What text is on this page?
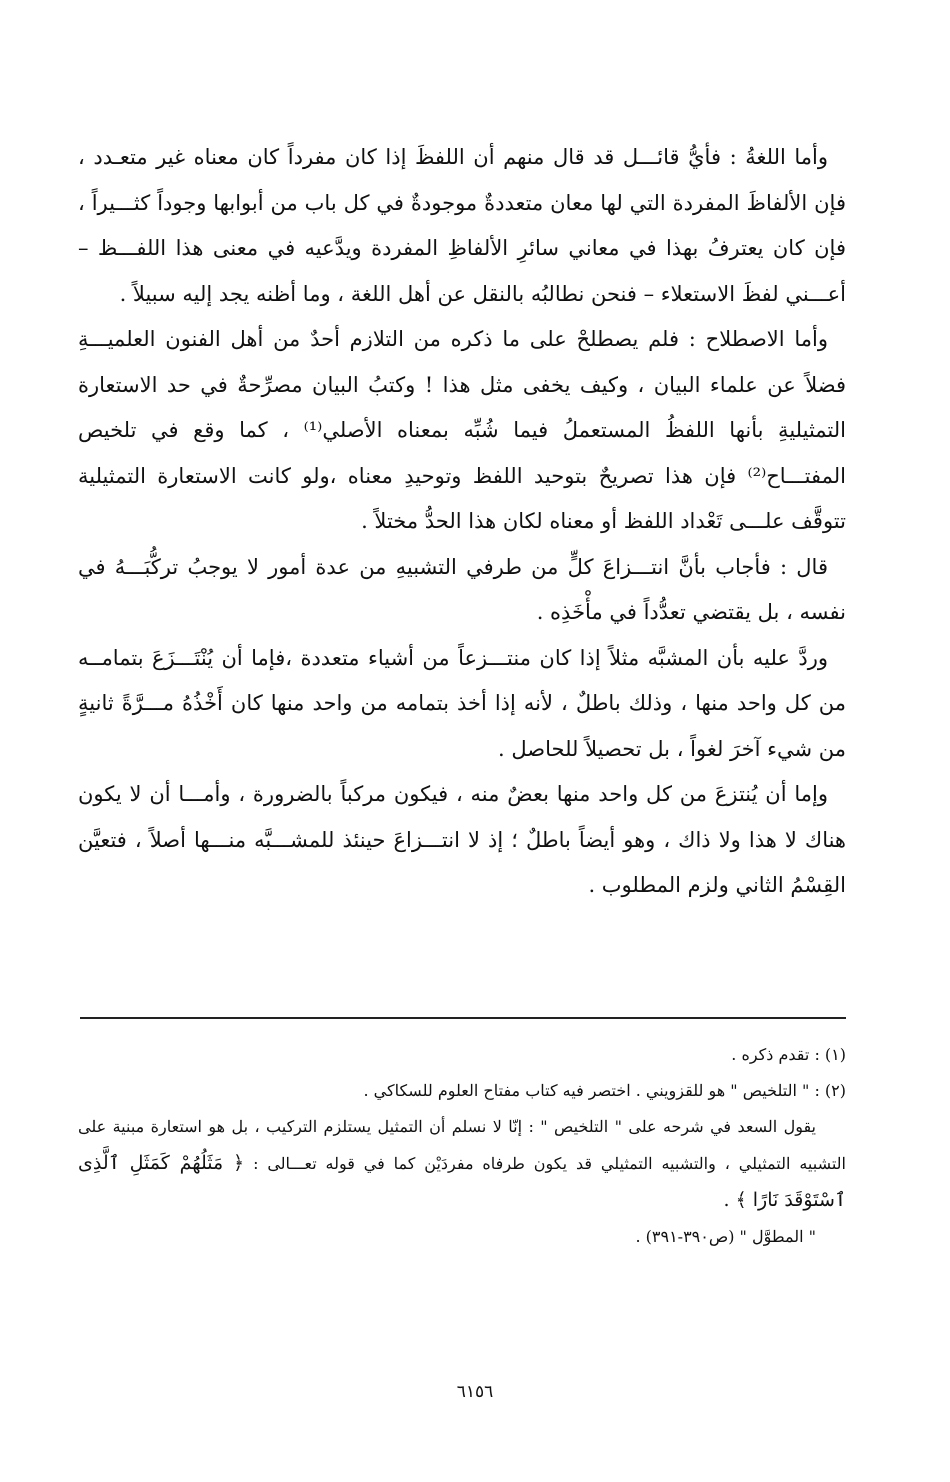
وأما اللغةُ : فأيُّ قائـــل قد قال منهم أن اللفظَ إذا كان مفرداً كان معناه غير متعـدد ، فإن الألفاظَ المفردة التي لها معان متعددةٌ موجودةٌ في كل باب من أبوابها وجوداً كثـــيراً ، فإن كان يعترفُ بهذا في معاني سائرِ الألفاظِ المفردة ويدَّعيه في معنى هذا اللفـــظ – أعـــني لفظَ الاستعلاء – فنحن نطالبُه بالنقل عن أهل اللغة ، وما أظنه يجد إليه سبيلاً .

وأما الاصطلاح : فلم يصطلحْ على ما ذكره من التلازم أحدٌ من أهل الفنون العلميـــةِ فضلاً عن علماء البيان ، وكيف يخفى مثل هذا ! وكتبُ البيان مصرِّحةٌ في حد الاستعارة التمثيليةِ بأنها اللفظُ المستعملُ فيما شُبِّه بمعناه الأصلي⁽¹⁾ ، كما وقع في تلخيص المفتـــاح⁽²⁾ فإن هذا تصريحٌ بتوحيد اللفظ وتوحيدِ معناه ،ولو كانت الاستعارة التمثيلية تتوقَّف علـــى تَعْداد اللفظ أو معناه لكان هذا الحدُّ مختلاً .

قال : فأجاب بأنَّ انتـــزاعَ كلٍّ من طرفي التشبيهِ من عدة أمور لا يوجبُ تركُّبَـــهُ في نفسه ، بل يقتضي تعدُّداً في مأْخَذِه .

وردَّ عليه بأن المشبَّه مثلاً إذا كان منتـــزعاً من أشياء متعددة ،فإما أن يُنْتَـــزَعَ بتمامــه من كل واحد منها ، وذلك باطلٌ ، لأنه إذا أخذ بتمامه من واحد منها كان أَخْذُهُ مـــرَّةً ثانيةٍ من شيء آخرَ لغواً ، بل تحصيلاً للحاصل .

وإما أن يُنتزعَ من كل واحد منها بعضٌ منه ، فيكون مركباً بالضرورة ، وأمـــا أن لا يكون هناك لا هذا ولا ذاك ، وهو أيضاً باطلٌ ؛ إذ لا انتـــزاعَ حينئذ للمشـــبَّه منـــها أصلاً ، فتعيَّن القِسْمُ الثاني ولزم المطلوب .

(١) : تقدم ذكره .

(٢) : " التلخيص " هو للقزويني . اختصر فيه كتاب مفتاح العلوم للسكاكي .

يقول السعد في شرحه على " التلخيص " : إنّا لا نسلم أن التمثيل يستلزم التركيب ، بل هو استعارة مبنية على التشبيه التمثيلي ، والتشبيه التمثيلي قد يكون طرفاه مفردَيْن كما في قوله تعـــالى : ﴿ مَثَلُهُمْ كَمَثَلِ ٱلَّذِى ٱسْتَوْقَدَ نَارًا ﴾ .

" المطوَّل " (ص٣٩٠-٣٩١) .

٦١٥٦
